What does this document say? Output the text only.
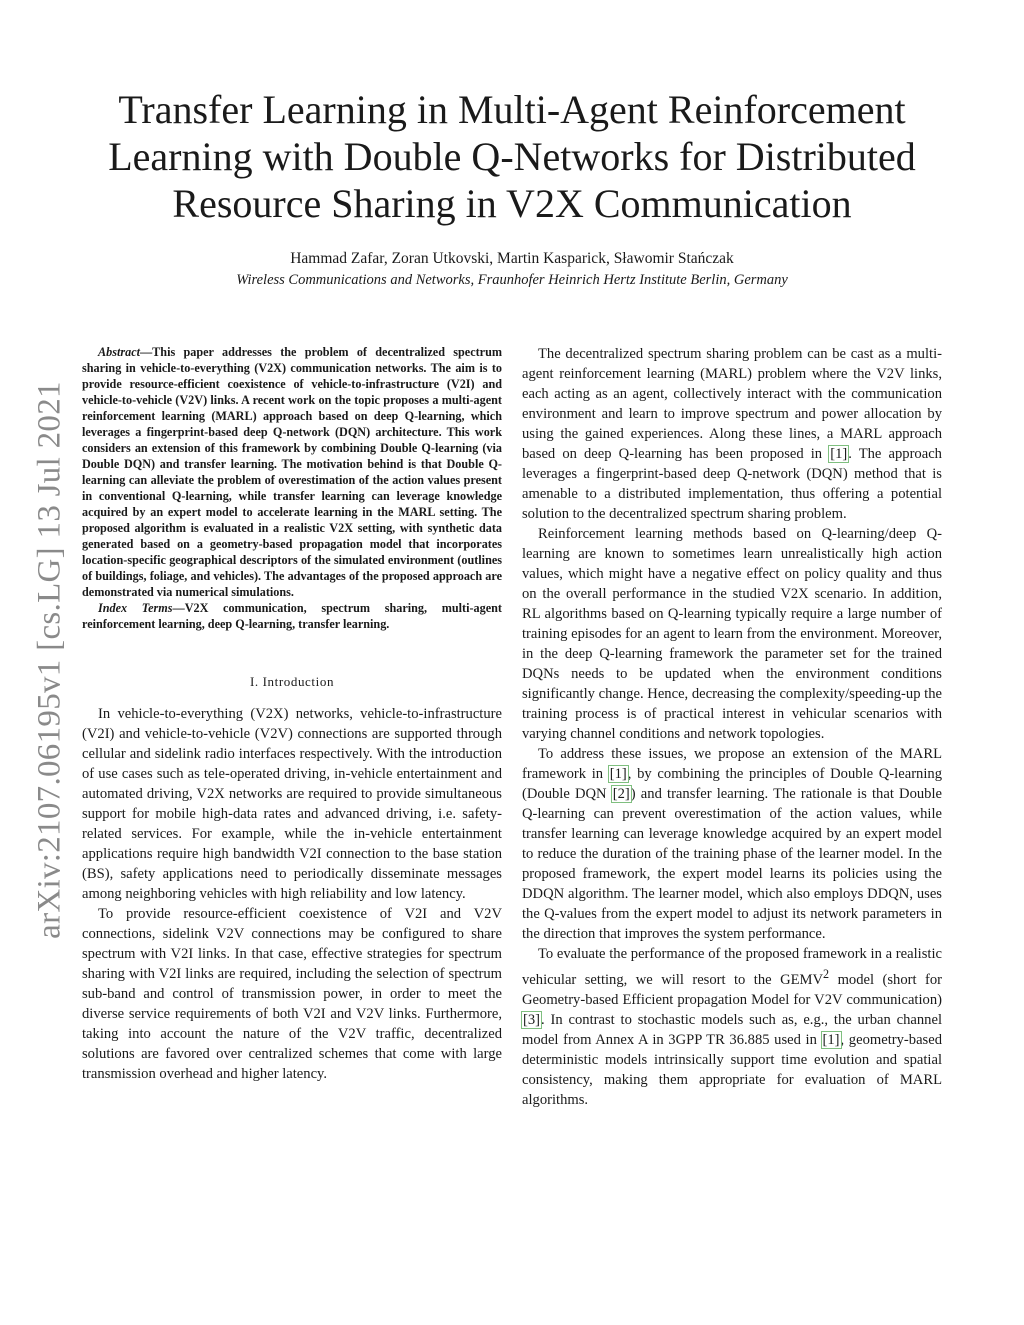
arXiv:2107.06195v1 [cs.LG] 13 Jul 2021
Transfer Learning in Multi-Agent Reinforcement Learning with Double Q-Networks for Distributed Resource Sharing in V2X Communication
Hammad Zafar, Zoran Utkovski, Martin Kasparick, Sławomir Stańczak
Wireless Communications and Networks, Fraunhofer Heinrich Hertz Institute Berlin, Germany

Abstract—This paper addresses the problem of decentralized spectrum sharing in vehicle-to-everything (V2X) communication networks. The aim is to provide resource-efficient coexistence of vehicle-to-infrastructure (V2I) and vehicle-to-vehicle (V2V) links. A recent work on the topic proposes a multi-agent reinforcement learning (MARL) approach based on deep Q-learning, which leverages a fingerprint-based deep Q-network (DQN) architecture. This work considers an extension of this framework by combining Double Q-learning (via Double DQN) and transfer learning. The motivation behind is that Double Q-learning can alleviate the problem of overestimation of the action values present in conventional Q-learning, while transfer learning can leverage knowledge acquired by an expert model to accelerate learning in the MARL setting. The proposed algorithm is evaluated in a realistic V2X setting, with synthetic data generated based on a geometry-based propagation model that incorporates location-specific geographical descriptors of the simulated environment (outlines of buildings, foliage, and vehicles). The advantages of the proposed approach are demonstrated via numerical simulations.

Index Terms—V2X communication, spectrum sharing, multi-agent reinforcement learning, deep Q-learning, transfer learning.

I. Introduction

In vehicle-to-everything (V2X) networks, vehicle-to-infrastructure (V2I) and vehicle-to-vehicle (V2V) connections are supported through cellular and sidelink radio interfaces respectively. With the introduction of use cases such as tele-operated driving, in-vehicle entertainment and automated driving, V2X networks are required to provide simultaneous support for mobile high-data rates and advanced driving, i.e. safety-related services. For example, while the in-vehicle entertainment applications require high bandwidth V2I connection to the base station (BS), safety applications need to periodically disseminate messages among neighboring vehicles with high reliability and low latency.

To provide resource-efficient coexistence of V2I and V2V connections, sidelink V2V connections may be configured to share spectrum with V2I links. In that case, effective strategies for spectrum sharing with V2I links are required, including the selection of spectrum sub-band and control of transmission power, in order to meet the diverse service requirements of both V2I and V2V links. Furthermore, taking into account the nature of the V2V traffic, decentralized solutions are favored over centralized schemes that come with large transmission overhead and higher latency.

The decentralized spectrum sharing problem can be cast as a multi-agent reinforcement learning (MARL) problem where the V2V links, each acting as an agent, collectively interact with the communication environment and learn to improve spectrum and power allocation by using the gained experiences. Along these lines, a MARL approach based on deep Q-learning has been proposed in [1]. The approach leverages a fingerprint-based deep Q-network (DQN) method that is amenable to a distributed implementation, thus offering a potential solution to the decentralized spectrum sharing problem.

Reinforcement learning methods based on Q-learning/deep Q-learning are known to sometimes learn unrealistically high action values, which might have a negative effect on policy quality and thus on the overall performance in the studied V2X scenario. In addition, RL algorithms based on Q-learning typically require a large number of training episodes for an agent to learn from the environment. Moreover, in the deep Q-learning framework the parameter set for the trained DQNs needs to be updated when the environment conditions significantly change. Hence, decreasing the complexity/speeding-up the training process is of practical interest in vehicular scenarios with varying channel conditions and network topologies.

To address these issues, we propose an extension of the MARL framework in [1], by combining the principles of Double Q-learning (Double DQN [2]) and transfer learning. The rationale is that Double Q-learning can prevent overestimation of the action values, while transfer learning can leverage knowledge acquired by an expert model to reduce the duration of the training phase of the learner model. In the proposed framework, the expert model learns its policies using the DDQN algorithm. The learner model, which also employs DDQN, uses the Q-values from the expert model to adjust its network parameters in the direction that improves the system performance.

To evaluate the performance of the proposed framework in a realistic vehicular setting, we will resort to the GEMV$^2$ model (short for Geometry-based Efficient propagation Model for V2V communication) [3]. In contrast to stochastic models such as, e.g., the urban channel model from Annex A in 3GPP TR 36.885 used in [1], geometry-based deterministic models intrinsically support time evolution and spatial consistency, making them appropriate for evaluation of MARL algorithms.
